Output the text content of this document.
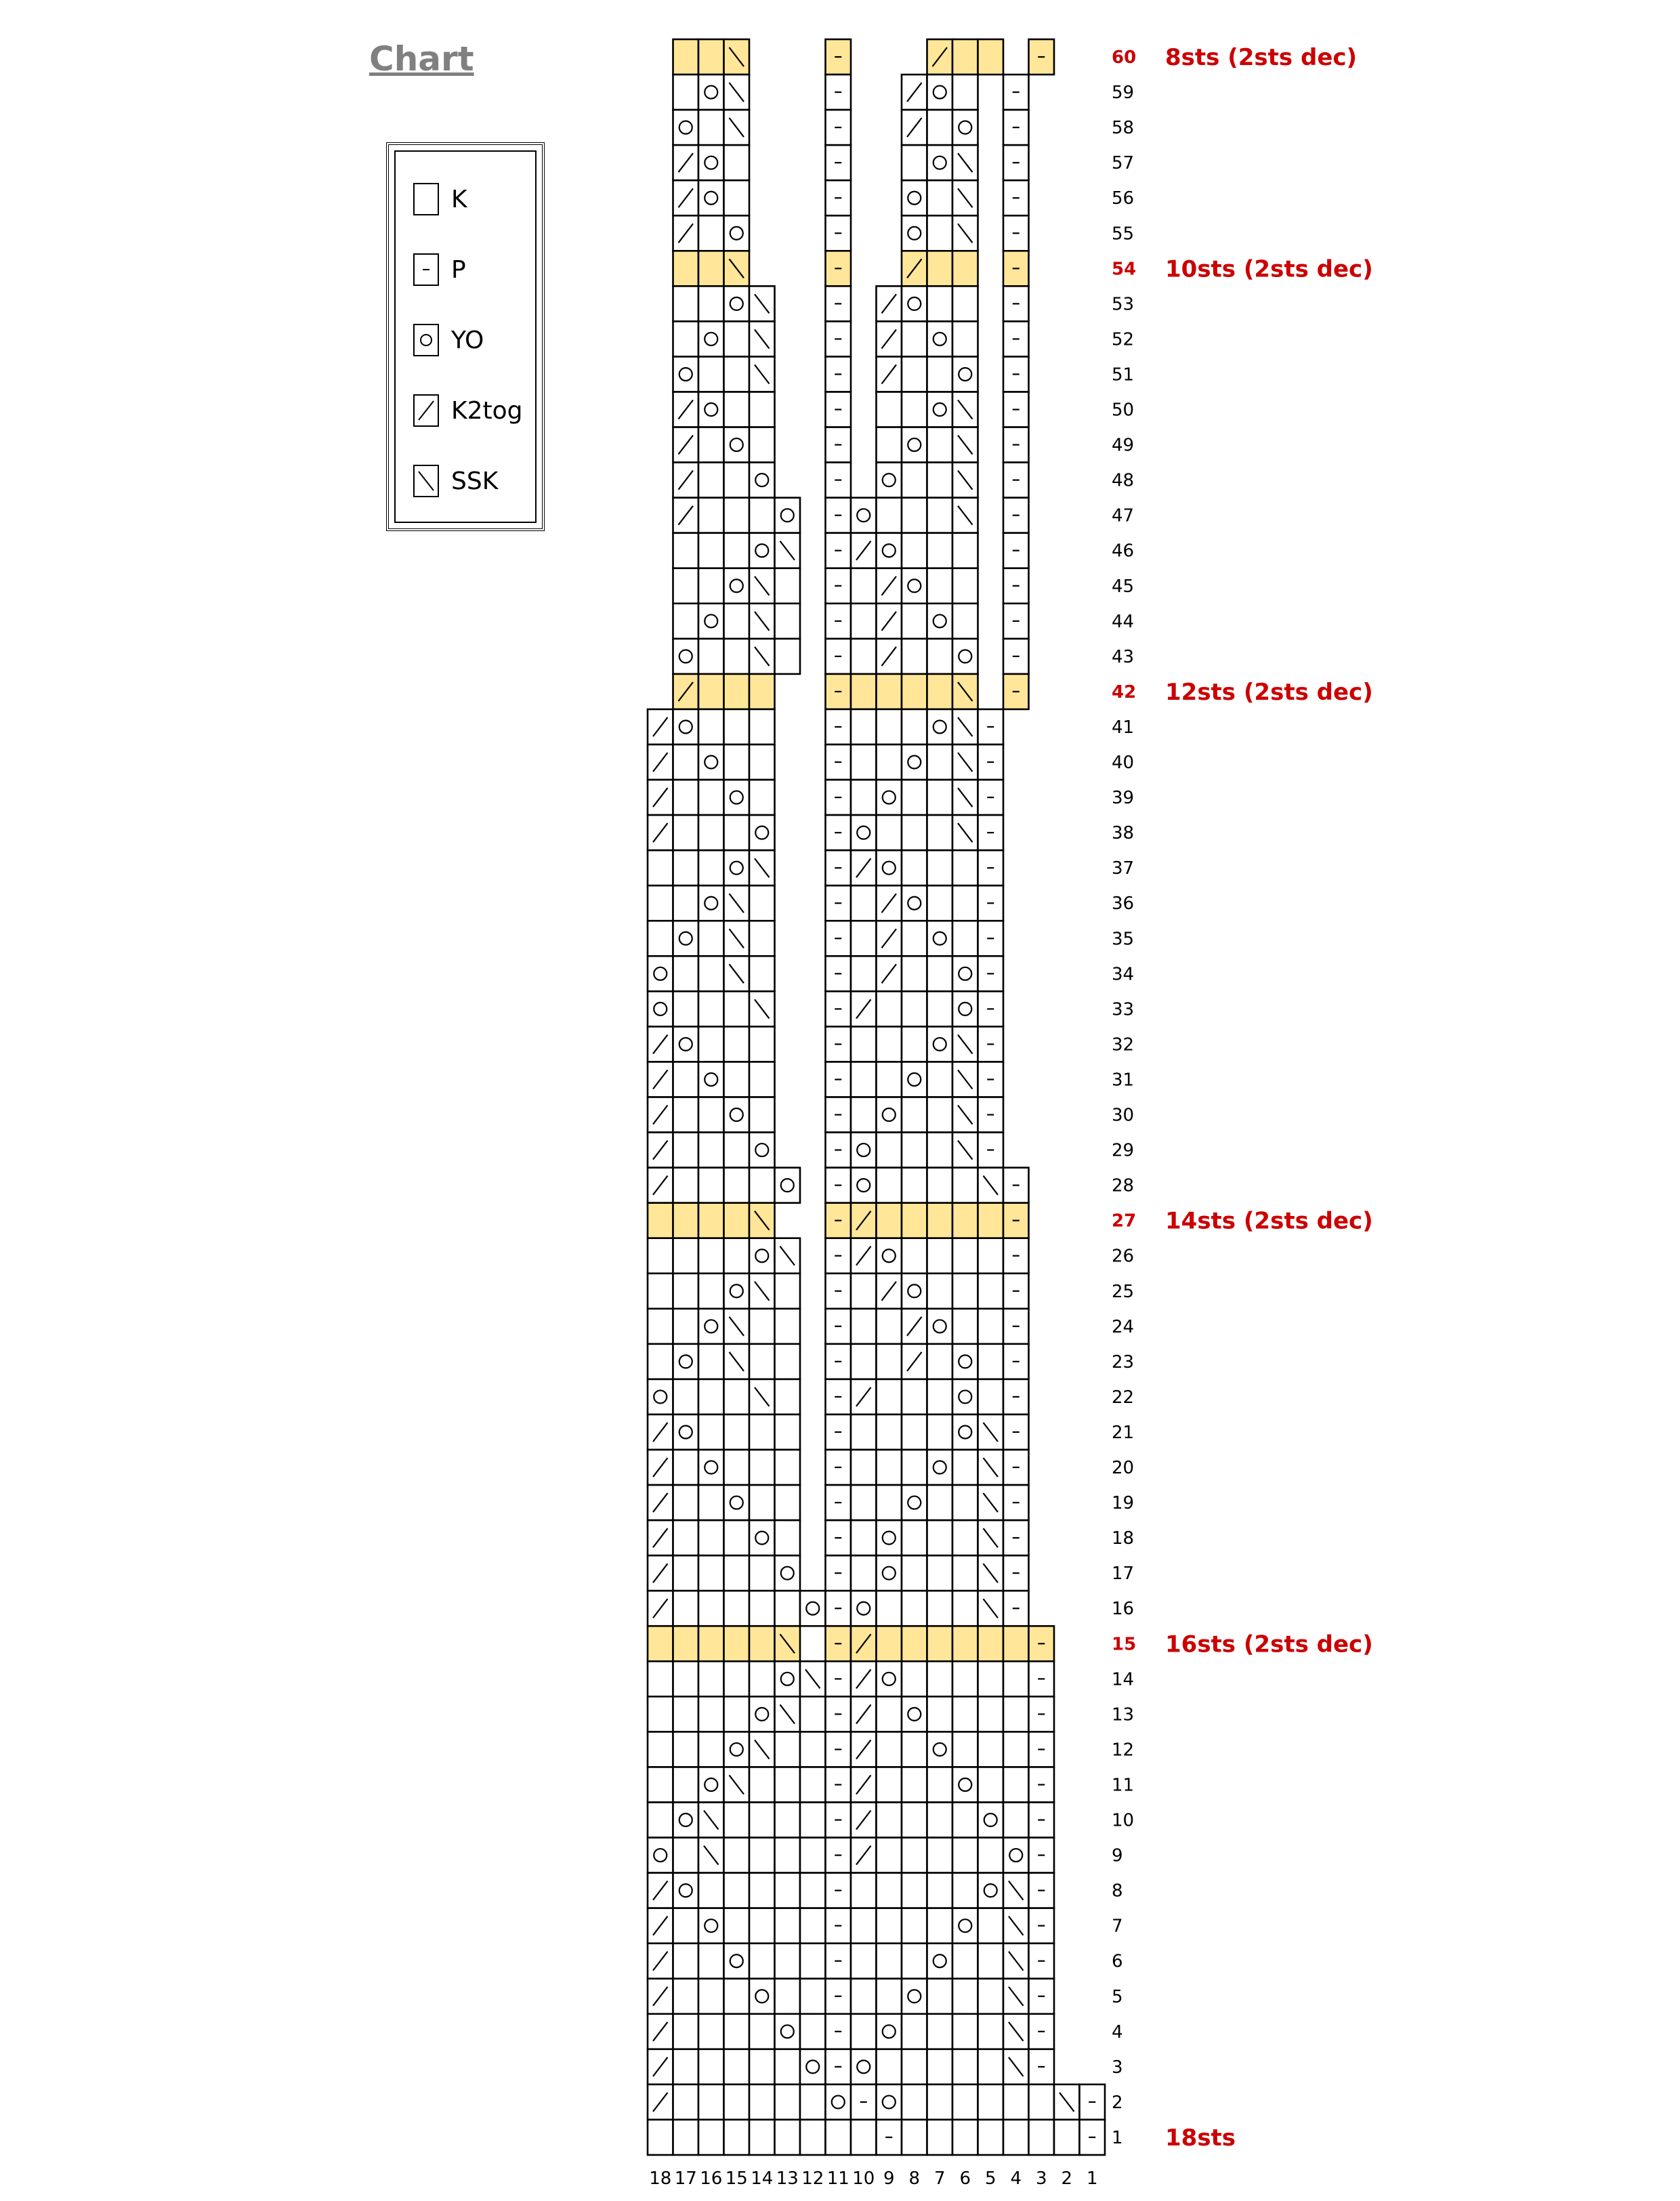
Chart
K
P
YO
K2tog
SSK
60
59
58
57
56
55
54
53
52
51
50
49
48
47
46
45
44
43
42
41
40
39
38
37
36
35
34
33
32
31
30
29
28
27
26
25
24
23
22
21
20
19
18
17
16
15
14
13
12
11
10
9
8
7
6
5
4
3
2
1
18 17 16 15 14 13 12 11 10 9 8 7 6 5 4 3 2 1
8sts (2sts dec)
10sts (2sts dec)
12sts (2sts dec)
14sts (2sts dec)
16sts (2sts dec)
18sts
